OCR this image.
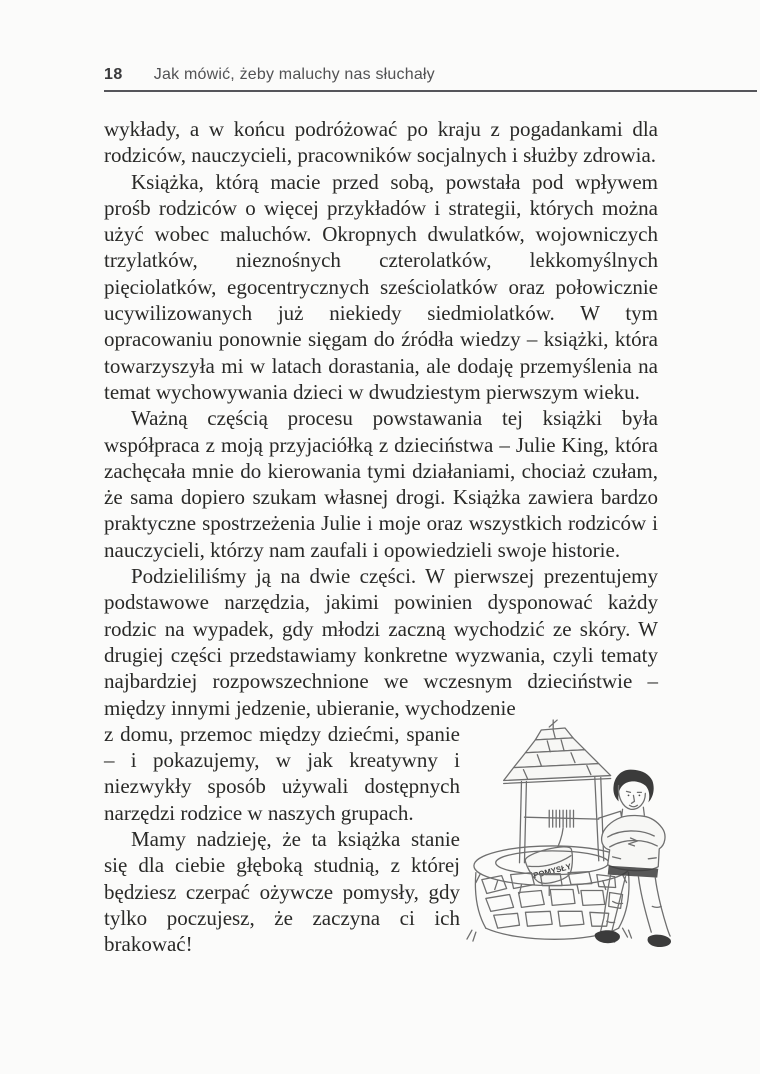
18 Jak mówić, żeby maluchy nas słuchały

wykłady, a w końcu podróżować po kraju z pogadankami dla rodziców, nauczycieli, pracowników socjalnych i służby zdrowia.

Książka, którą macie przed sobą, powstała pod wpływem prośb rodziców o więcej przykładów i strategii, których można użyć wobec maluchów. Okropnych dwulatków, wojowniczych trzylatków, nieznośnych czterolatków, lekkomyślnych pięciolatków, egocentrycznych sześciolatków oraz połowicznie ucywilizowanych już niekiedy siedmiolatków. W tym opracowaniu ponownie sięgam do źródła wiedzy – książki, która towarzyszyła mi w latach dorastania, ale dodaję przemyślenia na temat wychowywania dzieci w dwudziestym pierwszym wieku.

Ważną częścią procesu powstawania tej książki była współpraca z moją przyjaciółką z dzieciństwa – Julie King, która zachęcała mnie do kierowania tymi działaniami, chociaż czułam, że sama dopiero szukam własnej drogi. Książka zawiera bardzo praktyczne spostrzeżenia Julie i moje oraz wszystkich rodziców i nauczycieli, którzy nam zaufali i opowiedzieli swoje historie.

Podzieliliśmy ją na dwie części. W pierwszej prezentujemy podstawowe narzędzia, jakimi powinien dysponować każdy rodzic na wypadek, gdy młodzi zaczną wychodzić ze skóry. W drugiej części przedstawiamy konkretne wyzwania, czyli tematy najbardziej rozpowszechnione we wczesnym dzieciństwie – między innymi jedzenie, ubieranie, wychodzenie

z domu, przemoc między dziećmi, spanie – i pokazujemy, w jak kreatywny i niezwykły sposób używali dostępnych narzędzi rodzice w naszych grupach.

Mamy nadzieję, że ta książka stanie się dla ciebie głęboką studnią, z której będziesz czerpać ożywcze pomysły, gdy tylko poczujesz, że zaczyna ci ich brakować!

POMYSŁY
